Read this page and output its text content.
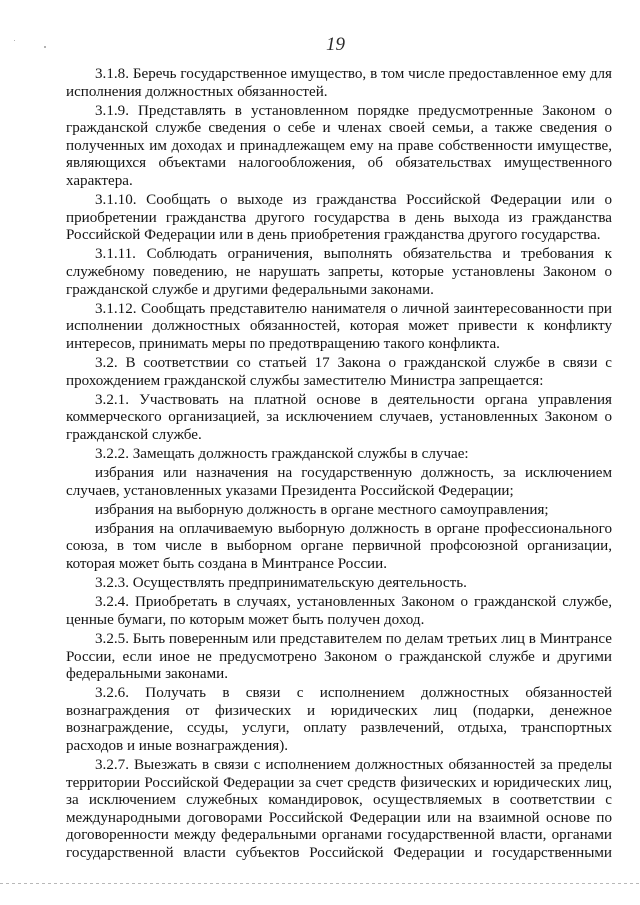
19

3.1.8. Беречь государственное имущество, в том числе предоставленное ему для исполнения должностных обязанностей.

3.1.9. Представлять в установленном порядке предусмотренные Законом о гражданской службе сведения о себе и членах своей семьи, а также сведения о полученных им доходах и принадлежащем ему на праве собственности имуществе, являющихся объектами налогообложения, об обязательствах имущественного характера.

3.1.10. Сообщать о выходе из гражданства Российской Федерации или о приобретении гражданства другого государства в день выхода из гражданства Российской Федерации или в день приобретения гражданства другого государства.

3.1.11. Соблюдать ограничения, выполнять обязательства и требования к служебному поведению, не нарушать запреты, которые установлены Законом о гражданской службе и другими федеральными законами.

3.1.12. Сообщать представителю нанимателя о личной заинтересованности при исполнении должностных обязанностей, которая может привести к конфликту интересов, принимать меры по предотвращению такого конфликта.

3.2. В соответствии со статьей 17 Закона о гражданской службе в связи с прохождением гражданской службы заместителю Министра запрещается:

3.2.1. Участвовать на платной основе в деятельности органа управления коммерческого организацией, за исключением случаев, установленных Законом о гражданской службе.

3.2.2. Замещать должность гражданской службы в случае:

избрания или назначения на государственную должность, за исключением случаев, установленных указами Президента Российской Федерации;

избрания на выборную должность в органе местного самоуправления;

избрания на оплачиваемую выборную должность в органе профессионального союза, в том числе в выборном органе первичной профсоюзной организации, которая может быть создана в Минтрансе России.

3.2.3. Осуществлять предпринимательскую деятельность.

3.2.4. Приобретать в случаях, установленных Законом о гражданской службе, ценные бумаги, по которым может быть получен доход.

3.2.5. Быть поверенным или представителем по делам третьих лиц в Минтрансе России, если иное не предусмотрено Законом о гражданской службе и другими федеральными законами.

3.2.6. Получать в связи с исполнением должностных обязанностей вознаграждения от физических и юридических лиц (подарки, денежное вознаграждение, ссуды, услуги, оплату развлечений, отдыха, транспортных расходов и иные вознаграждения).

3.2.7. Выезжать в связи с исполнением должностных обязанностей за пределы территории Российской Федерации за счет средств физических и юридических лиц, за исключением служебных командировок, осуществляемых в соответствии с международными договорами Российской Федерации или на взаимной основе по договоренности между федеральными органами государственной власти, органами государственной власти субъектов Российской Федерации и государственными
